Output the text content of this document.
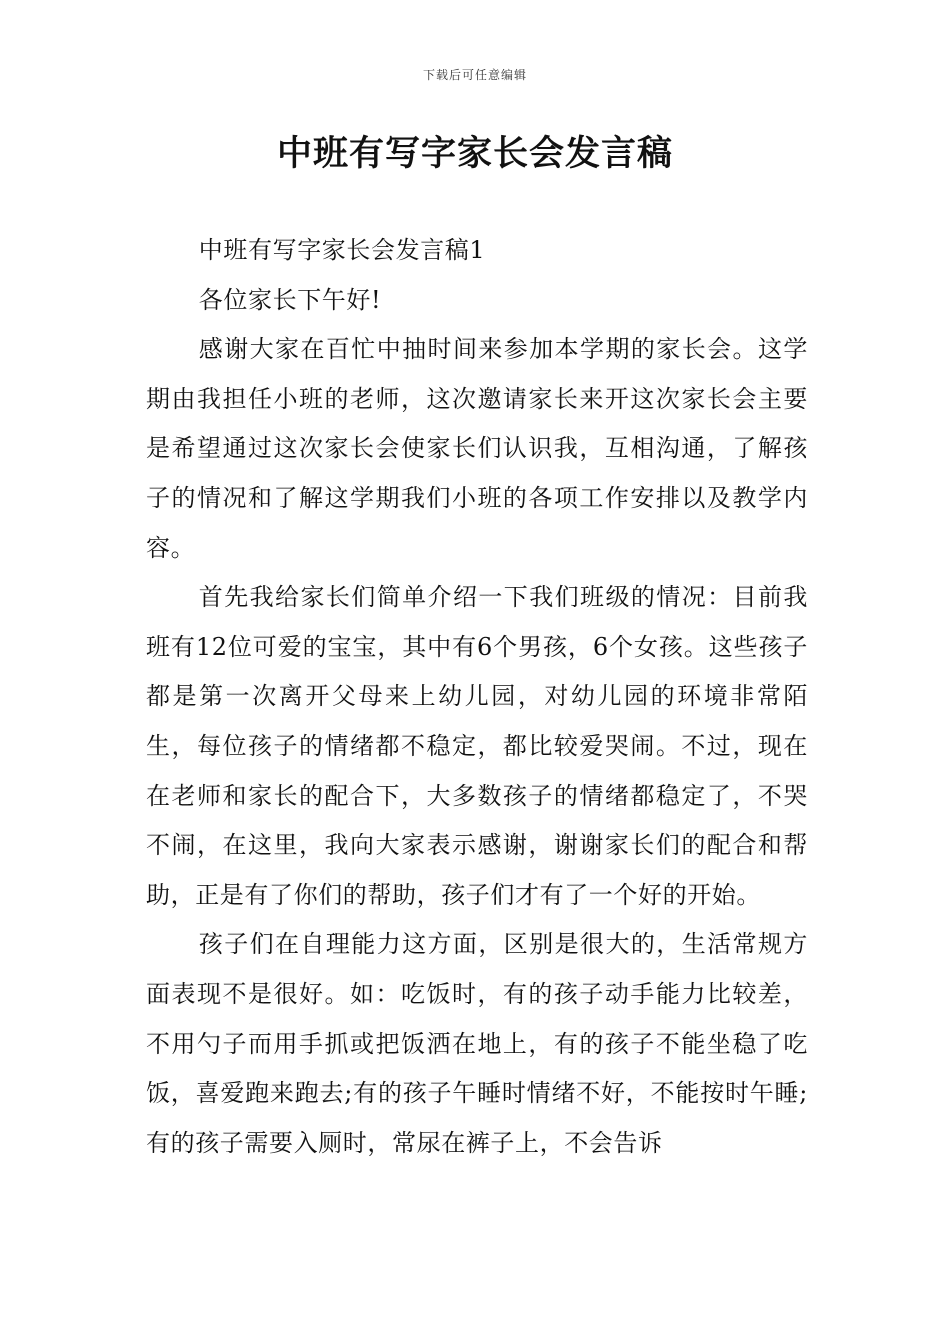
下载后可任意编辑
中班有写字家长会发言稿

中班有写字家长会发言稿1

各位家长下午好!

感谢大家在百忙中抽时间来参加本学期的家长会。这学期由我担任小班的老师，这次邀请家长来开这次家长会主要是希望通过这次家长会使家长们认识我，互相沟通，了解孩子的情况和了解这学期我们小班的各项工作安排以及教学内容。

首先我给家长们简单介绍一下我们班级的情况：目前我班有12位可爱的宝宝，其中有6个男孩，6个女孩。这些孩子都是第一次离开父母来上幼儿园，对幼儿园的环境非常陌生，每位孩子的情绪都不稳定，都比较爱哭闹。不过，现在在老师和家长的配合下，大多数孩子的情绪都稳定了，不哭不闹，在这里，我向大家表示感谢，谢谢家长们的配合和帮助，正是有了你们的帮助，孩子们才有了一个好的开始。

孩子们在自理能力这方面，区别是很大的，生活常规方面表现不是很好。如：吃饭时，有的孩子动手能力比较差，不用勺子而用手抓或把饭洒在地上，有的孩子不能坐稳了吃饭，喜爱跑来跑去;有的孩子午睡时情绪不好，不能按时午睡;有的孩子需要入厕时，常尿在裤子上，不会告诉
